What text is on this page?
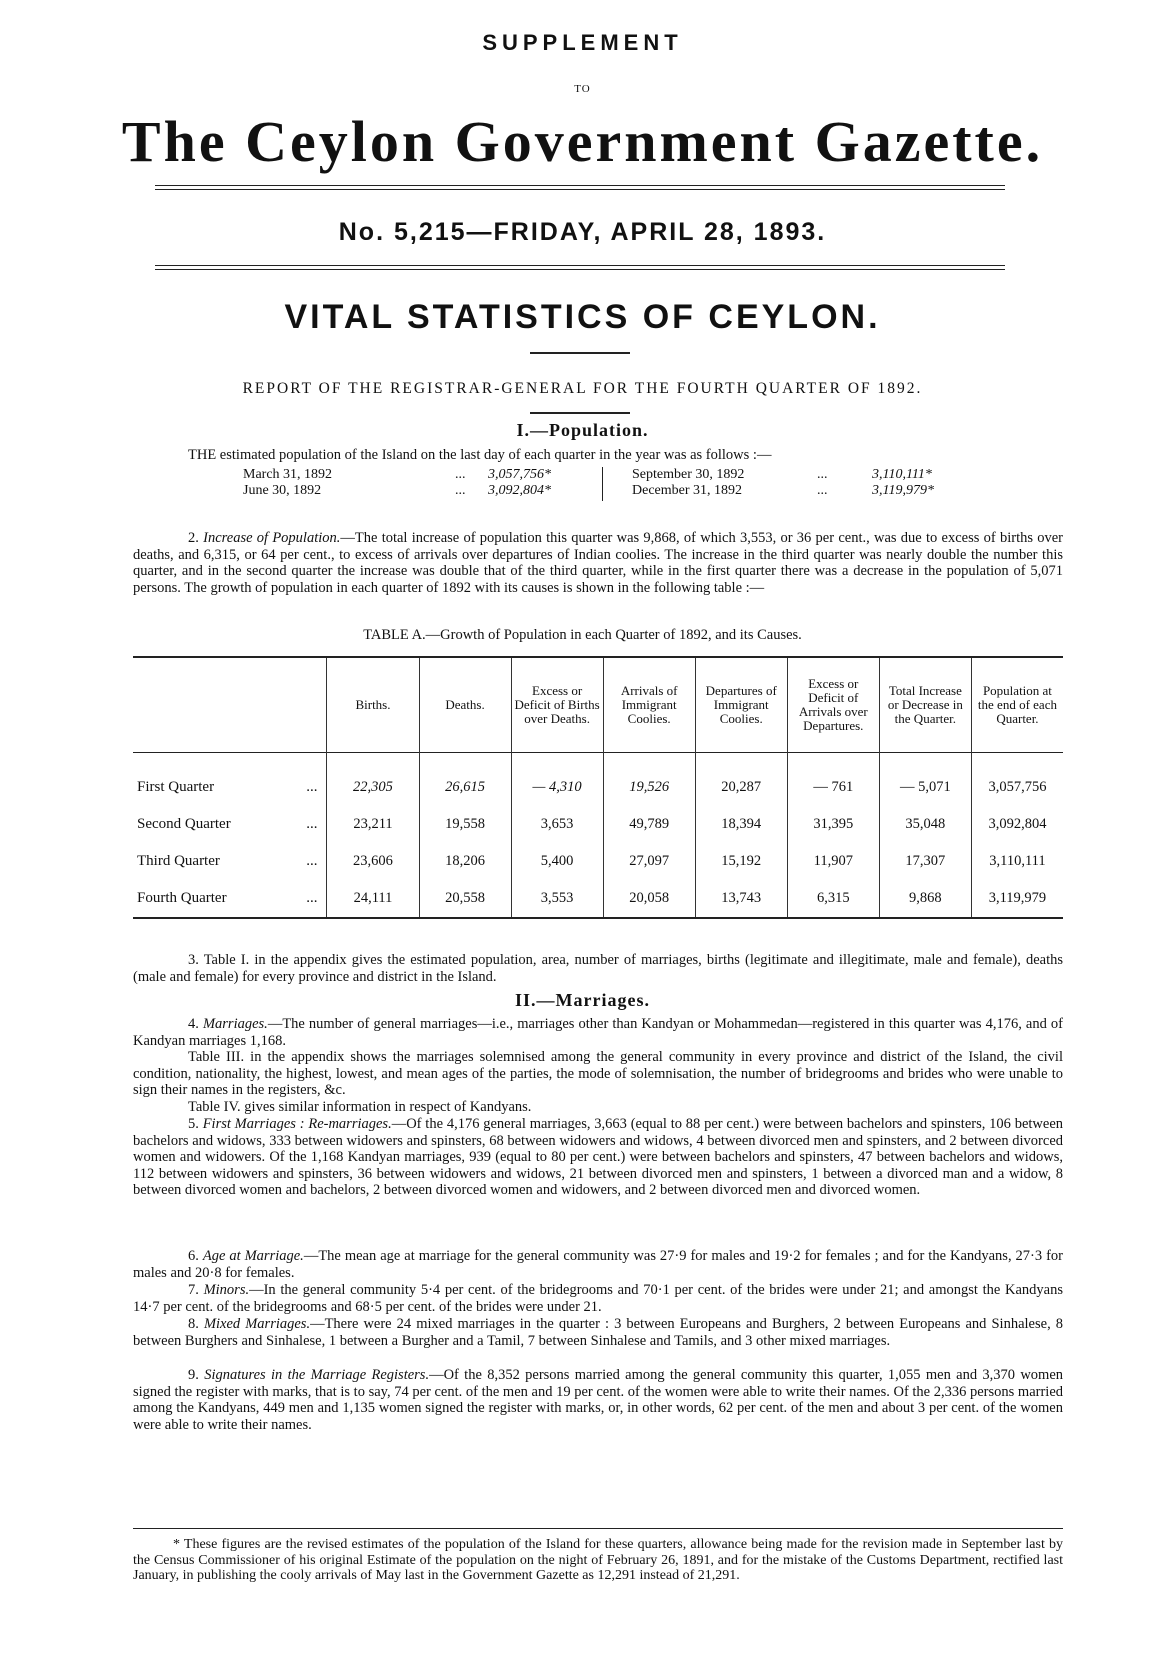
SUPPLEMENT
TO
The Ceylon Government Gazette.
No. 5,215—FRIDAY, APRIL 28, 1893.
VITAL STATISTICS OF CEYLON.
REPORT OF THE REGISTRAR-GENERAL FOR THE FOURTH QUARTER OF 1892.
I.—Population.
THE estimated population of the Island on the last day of each quarter in the year was as follows :—
March 31, 1892	... 3,057,756*
June 30, 1892	... 3,092,804*
September 30, 1892	...	3,110,111*
December 31, 1892	...	3,119,979*
2. Increase of Population.—The total increase of population this quarter was 9,868, of which 3,553, or 36 per cent., was due to excess of births over deaths, and 6,315, or 64 per cent., to excess of arrivals over departures of Indian coolies. The increase in the third quarter was nearly double the number this quarter, and in the second quarter the increase was double that of the third quarter, while in the first quarter there was a decrease in the population of 5,071 persons. The growth of population in each quarter of 1892 with its causes is shown in the following table :—
TABLE A.—Growth of Population in each Quarter of 1892, and its Causes.
	Births.	Deaths.	Excess or Deficit of Births over Deaths.	Arrivals of Immigrant Coolies.	Departures of Immigrant Coolies.	Excess or Deficit of Arrivals over Departures.	Total Increase or Decrease in the Quarter.	Population at the end of each Quarter.

First Quarter ...	22,305	26,615	— 4,310	19,526	20,287	— 761	— 5,071	3,057,756
Second Quarter ...	23,211	19,558	3,653	49,789	18,394	31,395	35,048	3,092,804
Third Quarter ...	23,606	18,206	5,400	27,097	15,192	11,907	17,307	3,110,111
Fourth Quarter ...	24,111	20,558	3,553	20,058	13,743	6,315	9,868	3,119,979
3. Table I. in the appendix gives the estimated population, area, number of marriages, births (legitimate and illegitimate, male and female), deaths (male and female) for every province and district in the Island.
II.—Marriages.
4. Marriages.—The number of general marriages—i.e., marriages other than Kandyan or Mohammedan—registered in this quarter was 4,176, and of Kandyan marriages 1,168.
Table III. in the appendix shows the marriages solemnised among the general community in every province and district of the Island, the civil condition, nationality, the highest, lowest, and mean ages of the parties, the mode of solemnisation, the number of bridegrooms and brides who were unable to sign their names in the registers, &c.
Table IV. gives similar information in respect of Kandyans.
5. First Marriages : Re-marriages.—Of the 4,176 general marriages, 3,663 (equal to 88 per cent.) were between bachelors and spinsters, 106 between bachelors and widows, 333 between widowers and spinsters, 68 between widowers and widows, 4 between divorced men and spinsters, and 2 between divorced women and widowers. Of the 1,168 Kandyan marriages, 939 (equal to 80 per cent.) were between bachelors and spinsters, 47 between bachelors and widows, 112 between widowers and spinsters, 36 between widowers and widows, 21 between divorced men and spinsters, 1 between a divorced man and a widow, 8 between divorced women and bachelors, 2 between divorced women and widowers, and 2 between divorced men and divorced women.
6. Age at Marriage.—The mean age at marriage for the general community was 27·9 for males and 19·2 for females ; and for the Kandyans, 27·3 for males and 20·8 for females.
7. Minors.—In the general community 5·4 per cent. of the bridegrooms and 70·1 per cent. of the brides were under 21; and amongst the Kandyans 14·7 per cent. of the bridegrooms and 68·5 per cent. of the brides were under 21.
8. Mixed Marriages.—There were 24 mixed marriages in the quarter : 3 between Europeans and Burghers, 2 between Europeans and Sinhalese, 8 between Burghers and Sinhalese, 1 between a Burgher and a Tamil, 7 between Sinhalese and Tamils, and 3 other mixed marriages.
9. Signatures in the Marriage Registers.—Of the 8,352 persons married among the general community this quarter, 1,055 men and 3,370 women signed the register with marks, that is to say, 74 per cent. of the men and 19 per cent. of the women were able to write their names. Of the 2,336 persons married among the Kandyans, 449 men and 1,135 women signed the register with marks, or, in other words, 62 per cent. of the men and about 3 per cent. of the women were able to write their names.
* These figures are the revised estimates of the population of the Island for these quarters, allowance being made for the revision made in September last by the Census Commissioner of his original Estimate of the population on the night of February 26, 1891, and for the mistake of the Customs Department, rectified last January, in publishing the cooly arrivals of May last in the Government Gazette as 12,291 instead of 21,291.
